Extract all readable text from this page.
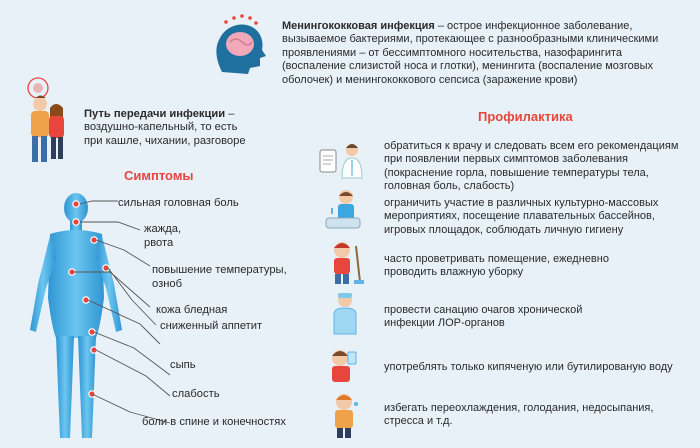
Менингококковая инфекция – острое инфекционное заболевание,
вызываемое бактериями, протекающее с разнообразными клиническими
проявлениями – от бессимптомного носительства, назофарингита
(воспаление слизистой носа и глотки), менингита (воспаление мозговых
оболочек) и менингококкового сепсиса (заражение крови)
Путь передачи инфекции –
воздушно-капельный, то есть
при кашле, чихании, разговоре
Симптомы
сильная головная боль
жажда,
рвота
повышение температуры,
озноб
кожа бледная
сниженный аппетит
сыпь
слабость
боли в спине и конечностях
Профилактика
обратиться к врачу и следовать всем его рекомендациям
при появлении первых симптомов заболевания
(покраснение горла, повышение температуры тела,
головная боль, слабость)
ограничить участие в различных культурно-массовых
мероприятиях, посещение плавательных бассейнов,
игровых площадок, соблюдать личную гигиену
часто проветривать помещение, ежедневно
проводить влажную уборку
провести санацию очагов хронической
инфекции ЛОР-органов
употреблять только кипяченую или бутилированую воду
избегать переохлаждения, голодания, недосыпания,
стресса и т.д.
